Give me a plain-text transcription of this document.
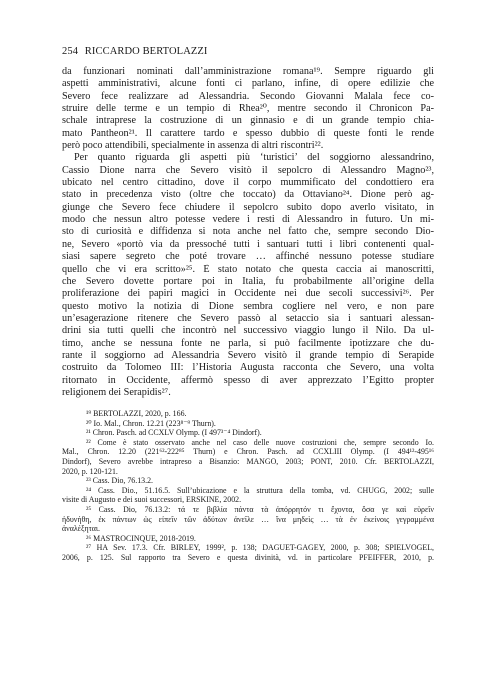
254 RICCARDO BERTOLAZZI
da funzionari nominati dall’amministrazione romana¹⁹. Sempre riguardo gli
aspetti amministrativi, alcune fonti ci parlano, infine, di opere edilizie che
Severo fece realizzare ad Alessandria. Secondo Giovanni Malala fece co-
struire delle terme e un tempio di Rhea²⁰, mentre secondo il Chronicon Pa-
schale intraprese la costruzione di un ginnasio e di un grande tempio chia-
mato Pantheon²¹. Il carattere tardo e spesso dubbio di queste fonti le rende
però poco attendibili, specialmente in assenza di altri riscontri²².
Per quanto riguarda gli aspetti più ‘turistici’ del soggiorno alessandrino,
Cassio Dione narra che Severo visitò il sepolcro di Alessandro Magno²³,
ubicato nel centro cittadino, dove il corpo mummificato del condottiero era
stato in precedenza visto (oltre che toccato) da Ottaviano²⁴. Dione però ag-
giunge che Severo fece chiudere il sepolcro subito dopo averlo visitato, in
modo che nessun altro potesse vedere i resti di Alessandro in futuro. Un mi-
sto di curiosità e diffidenza si nota anche nel fatto che, sempre secondo Dio-
ne, Severo «portò via da pressoché tutti i santuari tutti i libri contenenti qual-
siasi sapere segreto che poté trovare … affinché nessuno potesse studiare
quello che vi era scritto»²⁵. È stato notato che questa caccia ai manoscritti,
che Severo dovette portare poi in Italia, fu probabilmente all’origine della
proliferazione dei papiri magici in Occidente nei due secoli successivi²⁶. Per
questo motivo la notizia di Dione sembra cogliere nel vero, e non pare
un’esagerazione ritenere che Severo passò al setaccio sia i santuari alessan-
drini sia tutti quelli che incontrò nel successivo viaggio lungo il Nilo. Da ul-
timo, anche se nessuna fonte ne parla, si può facilmente ipotizzare che du-
rante il soggiorno ad Alessandria Severo visitò il grande tempio di Serapide
costruito da Tolomeo III: l’Historia Augusta racconta che Severo, una volta
ritornato in Occidente, affermò spesso di aver apprezzato l’Egitto propter
religionem dei Serapidis²⁷.
¹⁹ BERTOLAZZI, 2020, p. 166.
²⁰ Io. Mal., Chron. 12.21 (223⁸⁻⁹ Thurn).
²¹ Chron. Pasch. ad CCXLV Olymp. (I 497³⁻⁴ Dindorf).
²² Come è stato osservato anche nel caso delle nuove costruzioni che, sempre secondo Io.
Mal., Chron. 12.20 (221⁶²-222⁸⁵ Thurn) e Chron. Pasch. ad CCXLIII Olymp. (I 494¹²-495¹⁶
Dindorf), Severo avrebbe intrapreso a Bisanzio: MANGO, 2003; PONT, 2010. Cfr. BERTOLAZZI,
2020, p. 120-121.
²³ Cass. Dio, 76.13.2.
²⁴ Cass. Dio., 51.16.5. Sull’ubicazione e la struttura della tomba, vd. CHUGG, 2002; sulle
visite di Augusto e dei suoi successori, ERSKINE, 2002.
²⁵ Cass. Dio, 76.13.2: τά τε βιβλία πάντα τὰ ἀπόρρητόν τι ἔχοντα, ὅσα γε καὶ εὑρεῖν
ἠδυνήθη, ἐκ πάντων ὡς εἰπεῖν τῶν ἀδύτων ἀνεῖλε … ἵνα μηδεὶς … τὰ ἐν ἐκείνοις γεγραμμένα
ἀναλέξηται.
²⁶ MASTROCINQUE, 2018-2019.
²⁷ HA Sev. 17.3. Cfr. BIRLEY, 1999², p. 138; DAGUET-GAGEY, 2000, p. 308; SPIELVOGEL,
2006, p. 125. Sul rapporto tra Severo e questa divinità, vd. in particolare PFEIFFER, 2010, p.
